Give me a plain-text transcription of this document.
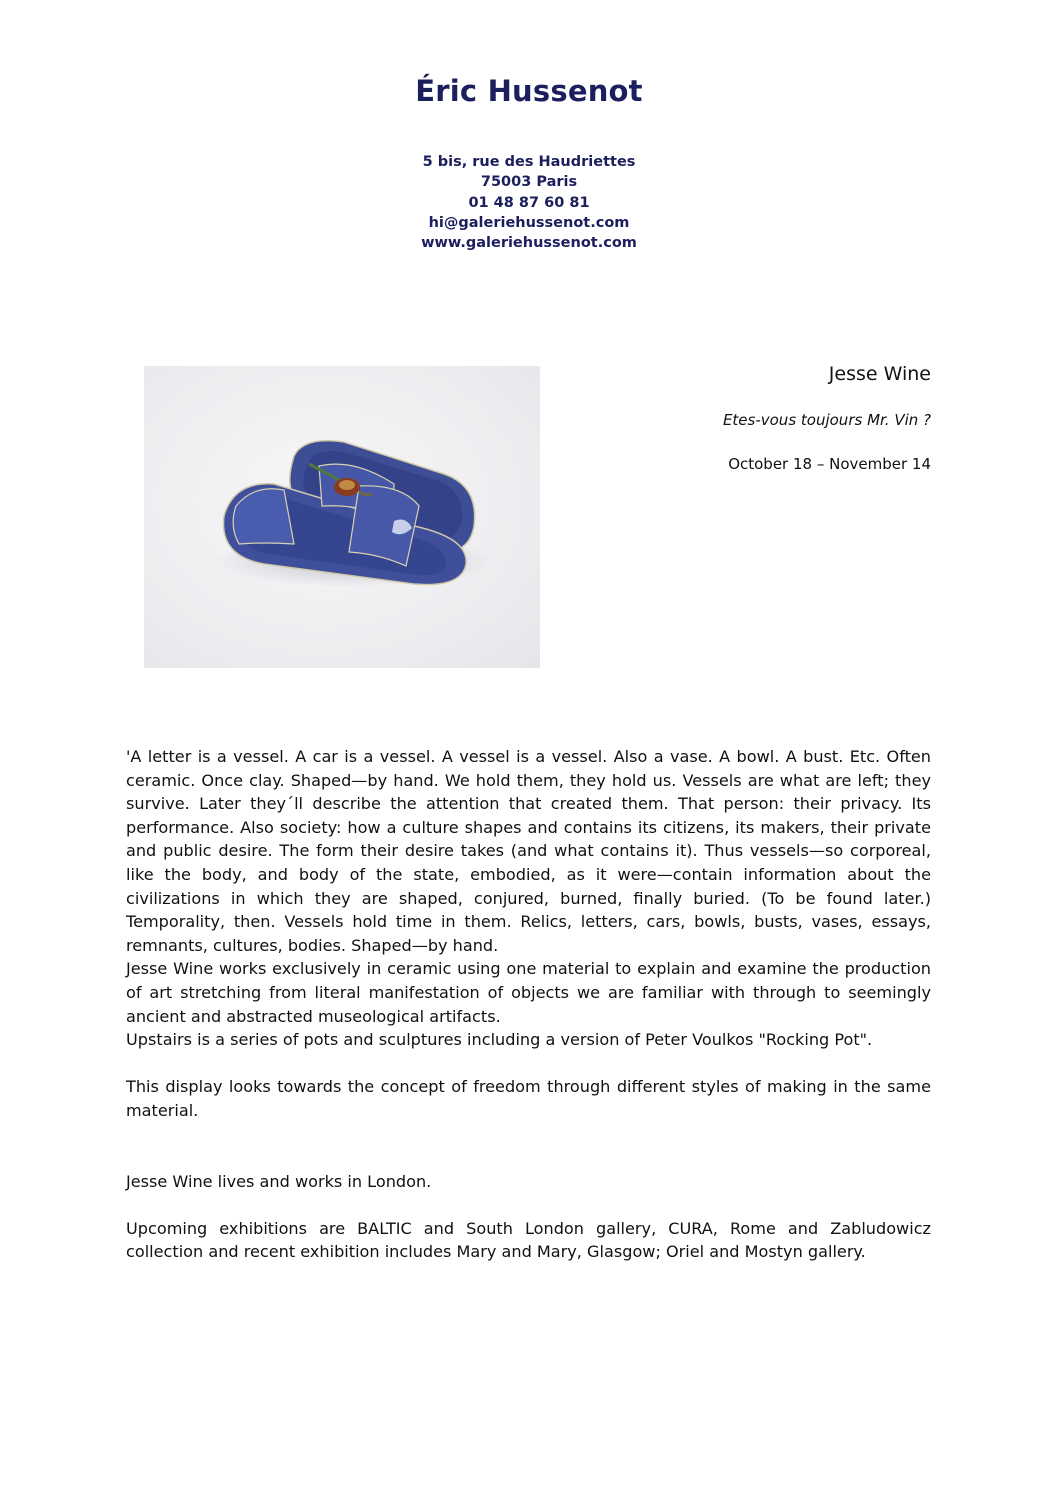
Éric Hussenot
5 bis, rue des Haudriettes
75003 Paris
01 48 87 60 81
hi@galeriehussenot.com
www.galeriehussenot.com
Jesse Wine
Etes-vous toujours Mr. Vin ?
October 18 – November 14

'A letter is a vessel. A car is a vessel. A vessel is a vessel. Also a vase. A bowl. A bust. Etc. Often ceramic. Once clay. Shaped—by hand. We hold them, they hold us. Vessels are what are left; they survive. Later they´ll describe the attention that created them. That person: their privacy. Its performance. Also society: how a culture shapes and contains its citizens, its makers, their private and public desire. The form their desire takes (and what contains it). Thus vessels—so corporeal, like the body, and body of the state, embodied, as it were—contain information about the civilizations in which they are shaped, conjured, burned, finally buried. (To be found later.) Temporality, then. Vessels hold time in them. Relics, letters, cars, bowls, busts, vases, essays, remnants, cultures, bodies. Shaped—by hand.

Jesse Wine works exclusively in ceramic using one material to explain and examine the production of art stretching from literal manifestation of objects we are familiar with through to seemingly ancient and abstracted museological artifacts.

Upstairs is a series of pots and sculptures including a version of Peter Voulkos "Rocking Pot".

This display looks towards the concept of freedom through different styles of making in the same material.

Jesse Wine lives and works in London.

Upcoming exhibitions are BALTIC and South London gallery, CURA, Rome and Zabludowicz collection and recent exhibition includes Mary and Mary, Glasgow; Oriel and Mostyn gallery.
